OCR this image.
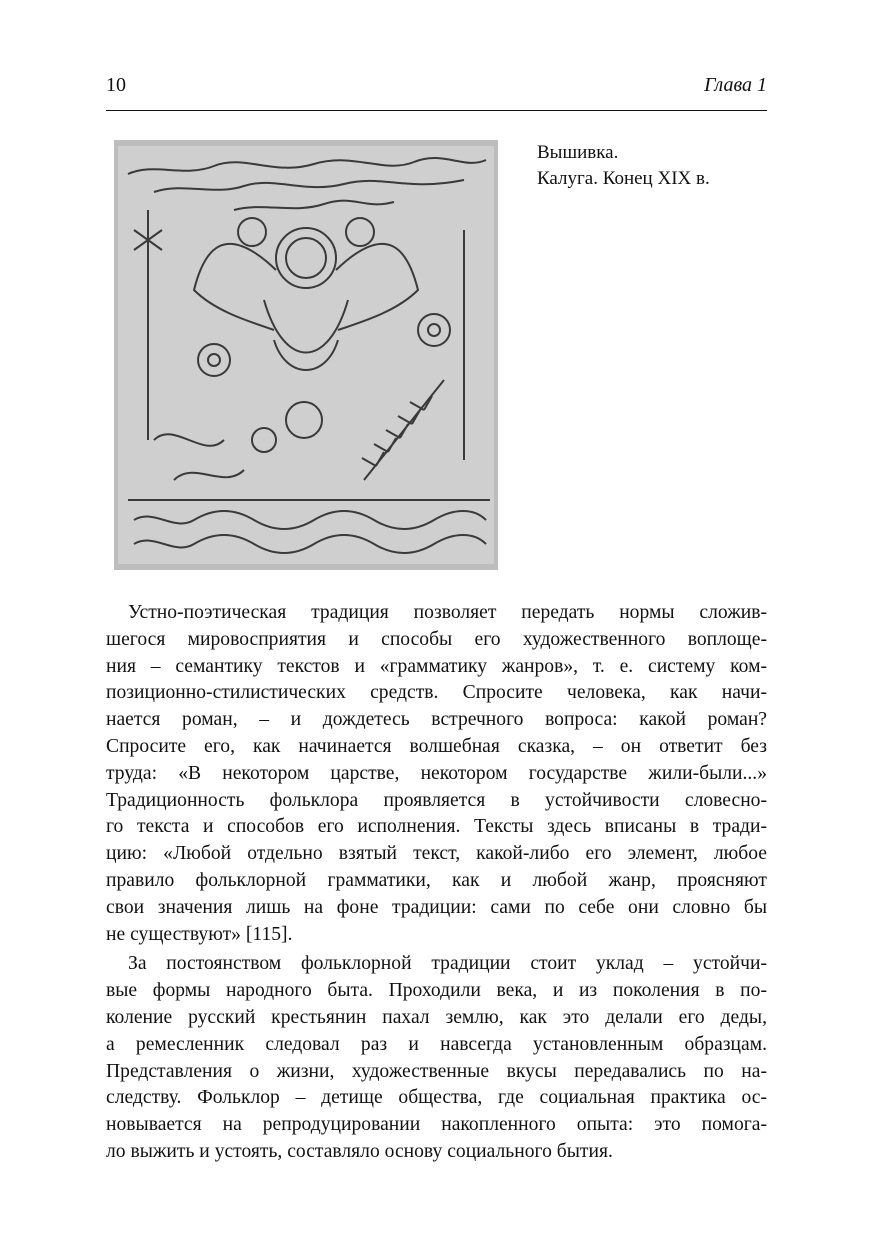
10	Глава 1
Вышивка.
Калуга. Конец XIX в.
Устно-поэтическая традиция позволяет передать нормы сложив-
шегося мировосприятия и способы его художественного воплоще-
ния – семантику текстов и «грамматику жанров», т. е. систему ком-
позиционно-стилистических средств. Спросите человека, как начи-
нается роман, – и дождетесь встречного вопроса: какой роман?
Спросите его, как начинается волшебная сказка, – он ответит без
труда: «В некотором царстве, некотором государстве жили-были...»
Традиционность фольклора проявляется в устойчивости словесно-
го текста и способов его исполнения. Тексты здесь вписаны в тради-
цию: «Любой отдельно взятый текст, какой-либо его элемент, любое
правило фольклорной грамматики, как и любой жанр, проясняют
свои значения лишь на фоне традиции: сами по себе они словно бы
не существуют» [115].
За постоянством фольклорной традиции стоит уклад – устойчи-
вые формы народного быта. Проходили века, и из поколения в по-
коление русский крестьянин пахал землю, как это делали его деды,
а ремесленник следовал раз и навсегда установленным образцам.
Представления о жизни, художественные вкусы передавались по на-
следству. Фольклор – детище общества, где социальная практика ос-
новывается на репродуцировании накопленного опыта: это помога-
ло выжить и устоять, составляло основу социального бытия.
